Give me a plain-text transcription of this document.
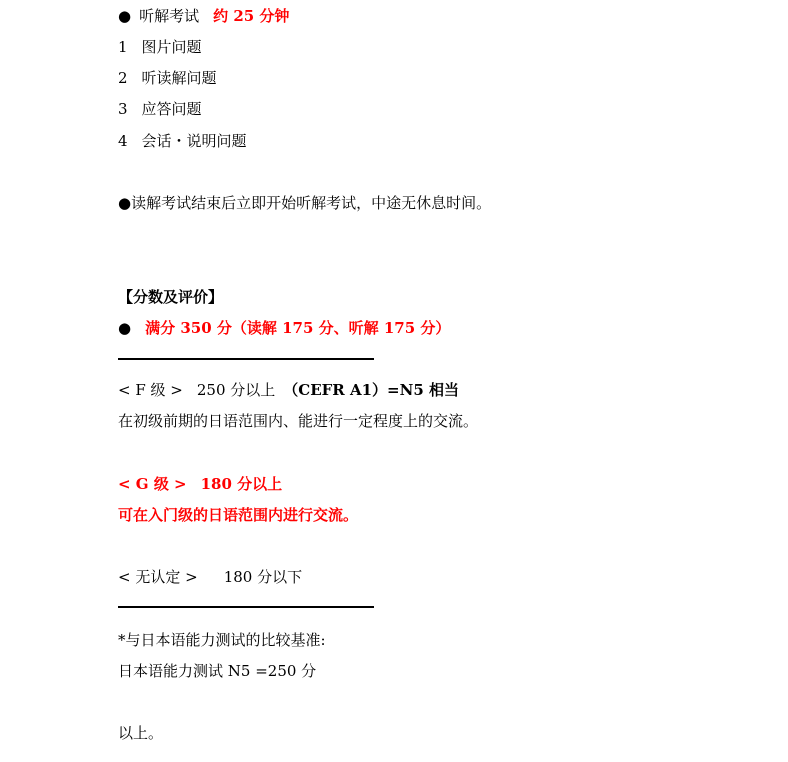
● 听解考试 约 25 分钟
1 图片问题
2 听读解问题
3 应答问题
4 会话・说明问题
●读解考试结束后立即开始听解考试，中途无休息时间。
【分数及评价】
● 满分 350 分（读解 175 分、听解 175 分）
< F 级 > 250 分以上 （CEFR A1）=N5 相当
在初级前期的日语范围内、能进行一定程度上的交流。
< G 级 > 180 分以上
可在入门级的日语范围内进行交流。
< 无认定 > 180 分以下
*与日本语能力测试的比较基准:
日本语能力测试 N5 =250 分
以上。
